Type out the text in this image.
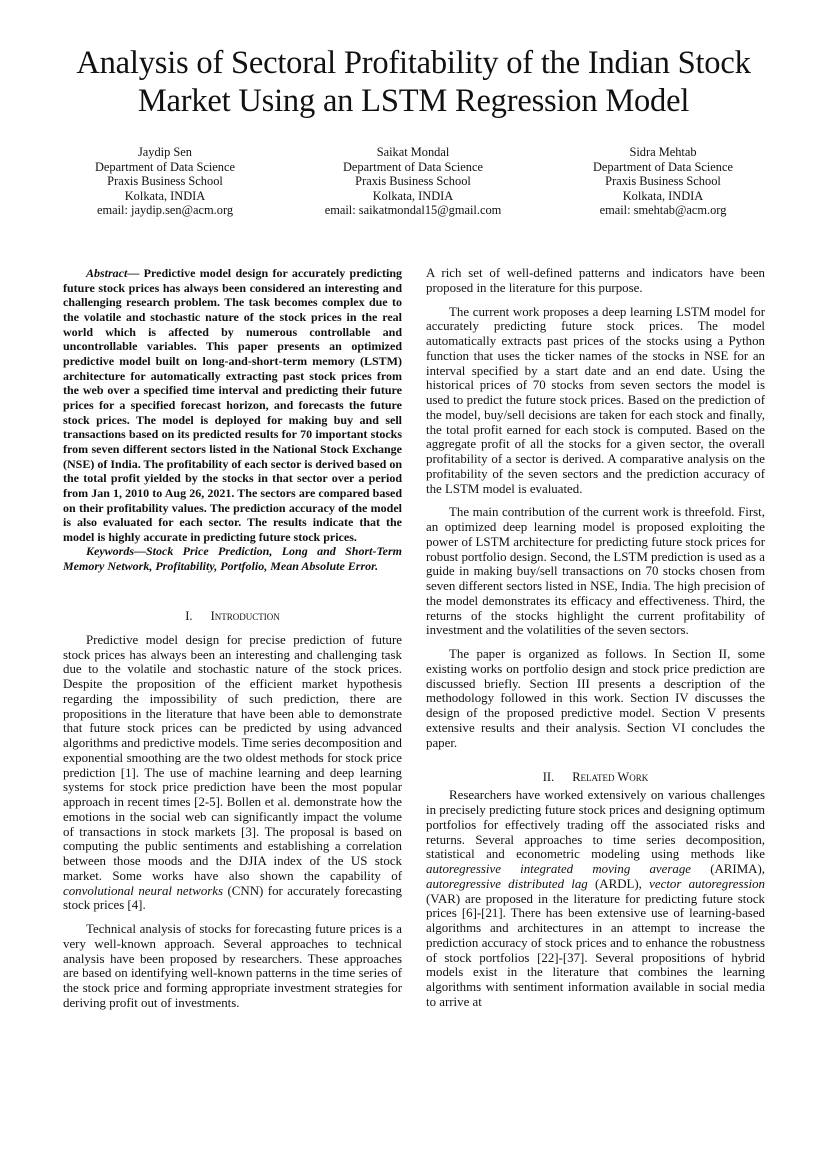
Analysis of Sectoral Profitability of the Indian Stock
Market Using an LSTM Regression Model
Jaydip Sen
Department of Data Science
Praxis Business School
Kolkata, INDIA
email: jaydip.sen@acm.org
Saikat Mondal
Department of Data Science
Praxis Business School
Kolkata, INDIA
email: saikatmondal15@gmail.com
Sidra Mehtab
Department of Data Science
Praxis Business School
Kolkata, INDIA
email: smehtab@acm.org

Abstract— Predictive model design for accurately predicting future stock prices has always been considered an interesting and challenging research problem. The task becomes complex due to the volatile and stochastic nature of the stock prices in the real world which is affected by numerous controllable and uncontrollable variables. This paper presents an optimized predictive model built on long-and-short-term memory (LSTM) architecture for automatically extracting past stock prices from the web over a specified time interval and predicting their future prices for a specified forecast horizon, and forecasts the future stock prices. The model is deployed for making buy and sell transactions based on its predicted results for 70 important stocks from seven different sectors listed in the National Stock Exchange (NSE) of India. The profitability of each sector is derived based on the total profit yielded by the stocks in that sector over a period from Jan 1, 2010 to Aug 26, 2021. The sectors are compared based on their profitability values. The prediction accuracy of the model is also evaluated for each sector. The results indicate that the model is highly accurate in predicting future stock prices.

Keywords—Stock Price Prediction, Long and Short-Term Memory Network, Profitability, Portfolio, Mean Absolute Error.

I. Introduction

Predictive model design for precise prediction of future stock prices has always been an interesting and challenging task due to the volatile and stochastic nature of the stock prices. Despite the proposition of the efficient market hypothesis regarding the impossibility of such prediction, there are propositions in the literature that have been able to demonstrate that future stock prices can be predicted by using advanced algorithms and predictive models. Time series decomposition and exponential smoothing are the two oldest methods for stock price prediction [1]. The use of machine learning and deep learning systems for stock price prediction have been the most popular approach in recent times [2-5]. Bollen et al. demonstrate how the emotions in the social web can significantly impact the volume of transactions in stock markets [3]. The proposal is based on computing the public sentiments and establishing a correlation between those moods and the DJIA index of the US stock market. Some works have also shown the capability of convolutional neural networks (CNN) for accurately forecasting stock prices [4].

Technical analysis of stocks for forecasting future prices is a very well-known approach. Several approaches to technical analysis have been proposed by researchers. These approaches are based on identifying well-known patterns in the time series of the stock price and forming appropriate investment strategies for deriving profit out of investments.

A rich set of well-defined patterns and indicators have been proposed in the literature for this purpose.

The current work proposes a deep learning LSTM model for accurately predicting future stock prices. The model automatically extracts past prices of the stocks using a Python function that uses the ticker names of the stocks in NSE for an interval specified by a start date and an end date. Using the historical prices of 70 stocks from seven sectors the model is used to predict the future stock prices. Based on the prediction of the model, buy/sell decisions are taken for each stock and finally, the total profit earned for each stock is computed. Based on the aggregate profit of all the stocks for a given sector, the overall profitability of a sector is derived. A comparative analysis on the profitability of the seven sectors and the prediction accuracy of the LSTM model is evaluated.

The main contribution of the current work is threefold. First, an optimized deep learning model is proposed exploiting the power of LSTM architecture for predicting future stock prices for robust portfolio design. Second, the LSTM prediction is used as a guide in making buy/sell transactions on 70 stocks chosen from seven different sectors listed in NSE, India. The high precision of the model demonstrates its efficacy and effectiveness. Third, the returns of the stocks highlight the current profitability of investment and the volatilities of the seven sectors.

The paper is organized as follows. In Section II, some existing works on portfolio design and stock price prediction are discussed briefly. Section III presents a description of the methodology followed in this work. Section IV discusses the design of the proposed predictive model. Section V presents extensive results and their analysis. Section VI concludes the paper.

II. Related Work

Researchers have worked extensively on various challenges in precisely predicting future stock prices and designing optimum portfolios for effectively trading off the associated risks and returns. Several approaches to time series decomposition, statistical and econometric modeling using methods like autoregressive integrated moving average (ARIMA), autoregressive distributed lag (ARDL), vector autoregression (VAR) are proposed in the literature for predicting future stock prices [6]-[21]. There has been extensive use of learning-based algorithms and architectures in an attempt to increase the prediction accuracy of stock prices and to enhance the robustness of stock portfolios [22]-[37]. Several propositions of hybrid models exist in the literature that combines the learning algorithms with sentiment information available in social media to arrive at
